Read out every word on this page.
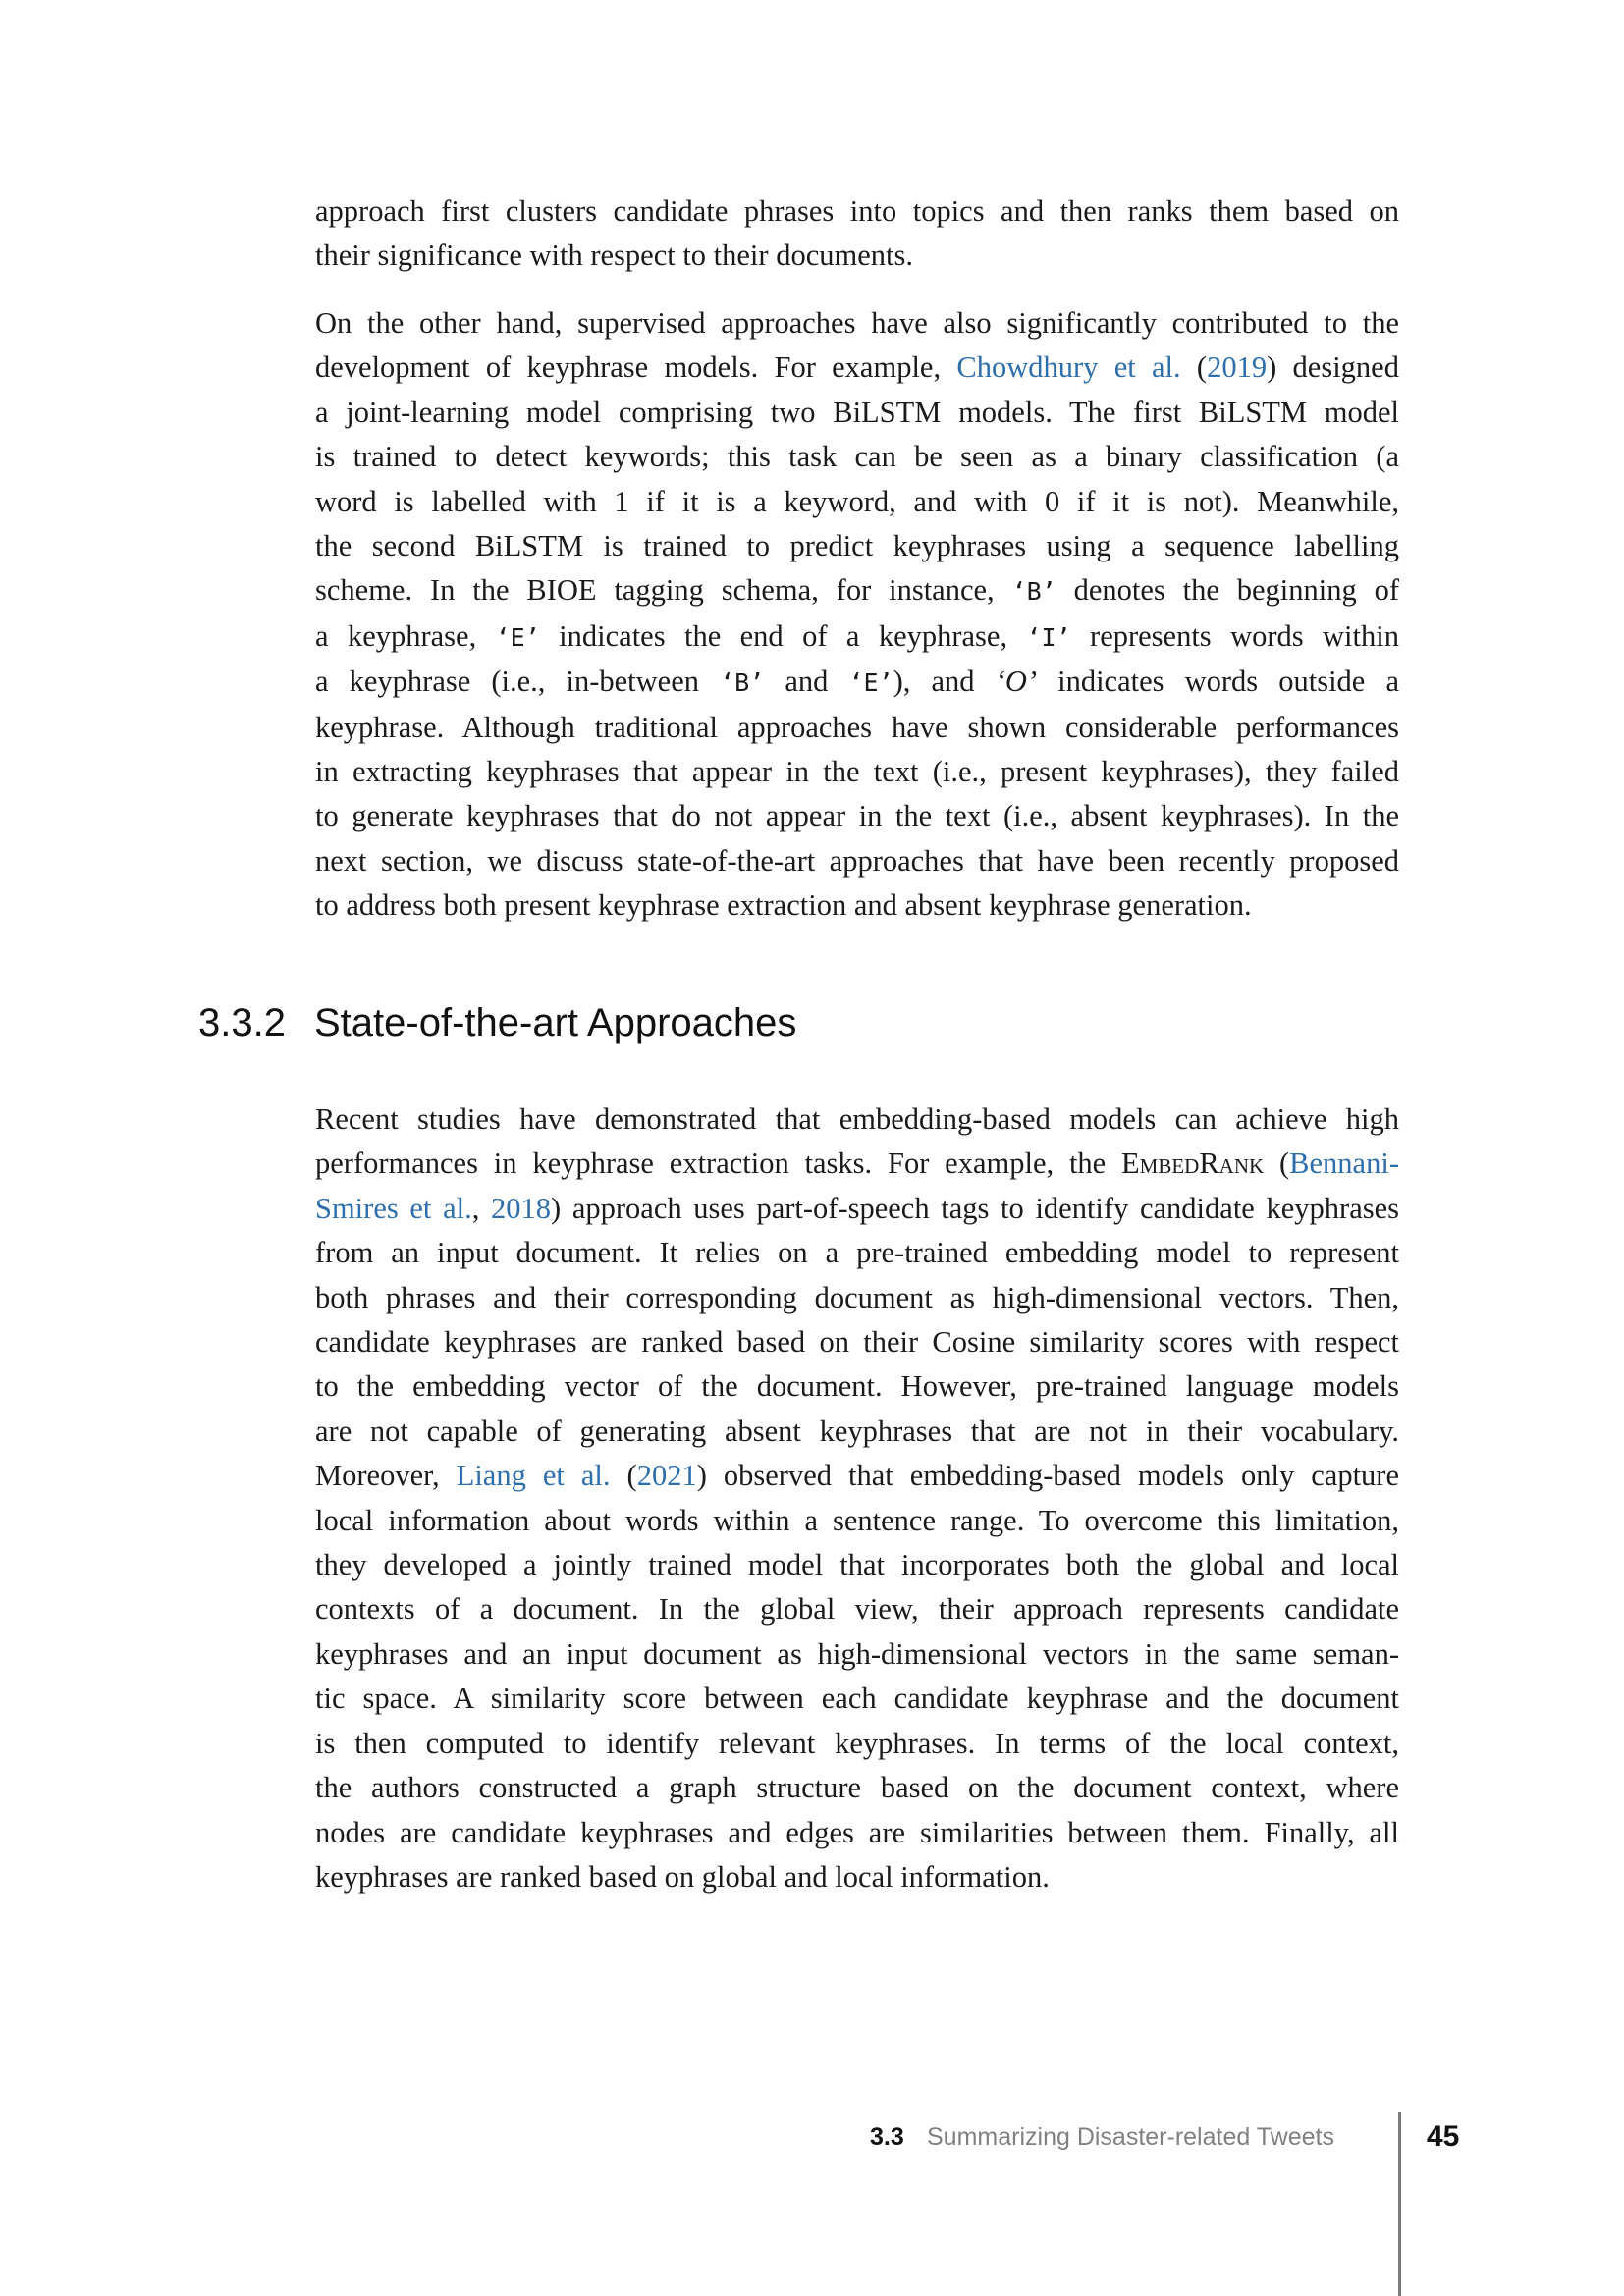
approach first clusters candidate phrases into topics and then ranks them based on
their significance with respect to their documents.
On the other hand, supervised approaches have also significantly contributed to the
development of keyphrase models. For example, Chowdhury et al. (2019) designed
a joint-learning model comprising two BiLSTM models. The first BiLSTM model
is trained to detect keywords; this task can be seen as a binary classification (a
word is labelled with 1 if it is a keyword, and with 0 if it is not). Meanwhile,
the second BiLSTM is trained to predict keyphrases using a sequence labelling
scheme. In the BIOE tagging schema, for instance, ‘B’ denotes the beginning of
a keyphrase, ‘E’ indicates the end of a keyphrase, ‘I’ represents words within
a keyphrase (i.e., in-between ‘B’ and ‘E’), and ‘O’ indicates words outside a
keyphrase. Although traditional approaches have shown considerable performances
in extracting keyphrases that appear in the text (i.e., present keyphrases), they failed
to generate keyphrases that do not appear in the text (i.e., absent keyphrases). In the
next section, we discuss state-of-the-art approaches that have been recently proposed
to address both present keyphrase extraction and absent keyphrase generation.
3.3.2 State-of-the-art Approaches
Recent studies have demonstrated that embedding-based models can achieve high
performances in keyphrase extraction tasks. For example, the EmbedRank (Bennani-
Smires et al., 2018) approach uses part-of-speech tags to identify candidate keyphrases
from an input document. It relies on a pre-trained embedding model to represent
both phrases and their corresponding document as high-dimensional vectors. Then,
candidate keyphrases are ranked based on their Cosine similarity scores with respect
to the embedding vector of the document. However, pre-trained language models
are not capable of generating absent keyphrases that are not in their vocabulary.
Moreover, Liang et al. (2021) observed that embedding-based models only capture
local information about words within a sentence range. To overcome this limitation,
they developed a jointly trained model that incorporates both the global and local
contexts of a document. In the global view, their approach represents candidate
keyphrases and an input document as high-dimensional vectors in the same seman-
tic space. A similarity score between each candidate keyphrase and the document
is then computed to identify relevant keyphrases. In terms of the local context,
the authors constructed a graph structure based on the document context, where
nodes are candidate keyphrases and edges are similarities between them. Finally, all
keyphrases are ranked based on global and local information.
3.3 Summarizing Disaster-related Tweets	45
